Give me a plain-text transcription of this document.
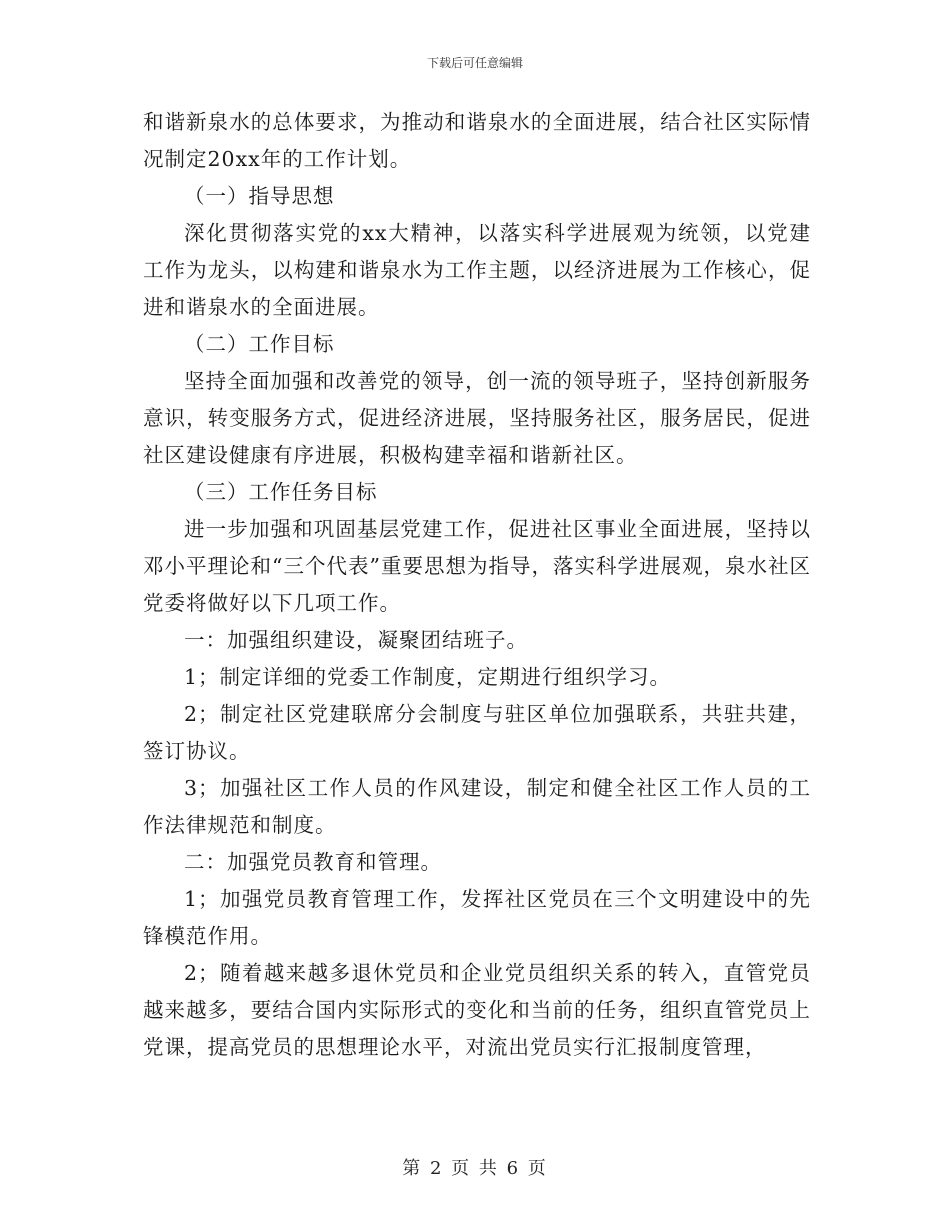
下载后可任意编辑

和谐新泉水的总体要求，为推动和谐泉水的全面进展，结合社区实际情况制定20xx年的工作计划。

（一）指导思想

深化贯彻落实党的xx大精神，以落实科学进展观为统领，以党建工作为龙头，以构建和谐泉水为工作主题，以经济进展为工作核心，促进和谐泉水的全面进展。

（二）工作目标

坚持全面加强和改善党的领导，创一流的领导班子，坚持创新服务意识，转变服务方式，促进经济进展，坚持服务社区，服务居民，促进社区建设健康有序进展，积极构建幸福和谐新社区。

（三）工作任务目标

进一步加强和巩固基层党建工作，促进社区事业全面进展，坚持以邓小平理论和“三个代表”重要思想为指导，落实科学进展观，泉水社区党委将做好以下几项工作。

一：加强组织建设，凝聚团结班子。

1；制定详细的党委工作制度，定期进行组织学习。

2；制定社区党建联席分会制度与驻区单位加强联系，共驻共建，签订协议。

3；加强社区工作人员的作风建设，制定和健全社区工作人员的工作法律规范和制度。

二：加强党员教育和管理。

1；加强党员教育管理工作，发挥社区党员在三个文明建设中的先锋模范作用。

2；随着越来越多退休党员和企业党员组织关系的转入，直管党员越来越多，要结合国内实际形式的变化和当前的任务，组织直管党员上党课，提高党员的思想理论水平，对流出党员实行汇报制度管理，

第 2 页 共 6 页
